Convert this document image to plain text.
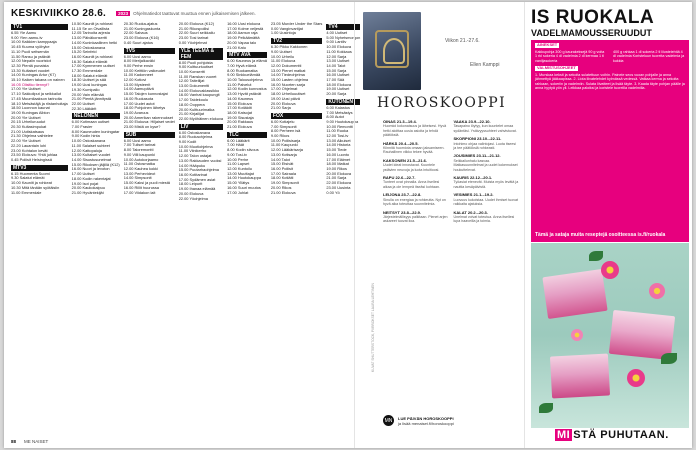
KESKIVIIKKO 28.6.	2023	Ohjelmatiedot taattuvat muuttua ennen julkaisemisen jälkeen.
TV1
6.55 Yle Aamu
9.00 Ylen aamu-tv
10.00 Kaikkien kamppaaja
10.45 Kuuma vyöhyke
11.10 Puoli seitsemän
11.50 Ransu ja ystävät
12.00 Nepalin vuoristot
12.30 Pientä punaista
13.30 Kultaiset vuodet
14.00 Kuningas Artur (K7)
15.10 Kaiken takana on nainen
16.05 Olisitko tiennyt?
17.00 Yle Uutiset
17.10 Sakkoliput ja seikkailut
17.45 Muumilaakson tarinoita
18.10 Metsästäjä ja riistanhoitaja
18.50 Luonnon kaunat
19.00 Kuningas Albion
20.00 Yle Uutiset
20.15 Urheiluruudut
20.30 Kultasimpukat
21.00 Uutiskatsaus
21.30 Ohjelma vaihtelee
22.00 Yle Uutiset
22.20 Lauantain lohi
23.00 Kohtalon kevät
23.50 Elokuva: Yhtä juhlaa
0.45 Poliisit Helsingissä
MTV3
6.15 Huomenta Suomi
9.30 Salatut elämät
10.00 Kauniit ja rohkeat
10.30 Mitä tänään syötäisiin
11.00 Emmerdale
10.50 Kauniit ja rohkeat
11.15 Se on Oivallista
12.05 Tarinoita arjesta
13.00 Päiväkonsertti
14.00 Kuninkaallinen hetki
15.00 Ostoskanava
15.20 Seinfeld
16.00 Kauniit ja rohkeat
16.30 Salatut elämät
17.00 Kymmenen uutiset
17.30 Emmerdale
18.00 Salatut elämät
18.30 Uutiset ja sää
19.00 Uusi kuningas
19.30 Kumipallo
20.00 Vain elämää
21.00 Pientä jännitystä
22.00 Uutiset
22.30 Lääkärit
NELONEN
6.00 Kotimaan uutiset
7.00 Frasier
8.00 Kauneuden kuningatar
9.00 Kodin hinta
10.00 Ostoskanava
11.00 Salaiset suhteet
12.00 Kattopaloja
13.00 Kultaiset vuodet
14.00 Sisustusunelmat
15.00 Rikoksen jäljillä (K12)
16.00 Nuori ja levoton
17.00 Uutiset
18.00 Kodin rakentajat
19.00 Isot pojat
20.00 Kaukokaipuu
21.00 Hyväntekijät
20.30 Ruoka-ajatus
21.00 Kuningaskunta
22.00 Sahaus
23.00 Elokuva (K16)
0.40 Suuri ajatus
TV5
6.00 Uusi aamu
8.00 Merijalkaväki
9.00 Perhe ensin
10.00 Keittiön vaikeudet
11.00 Kadonneet
12.00 Kotiovi
13.00 Mysteerit
14.00 Aamupäivä
15.00 Talojen kunnostajat
16.00 Ruokasota
17.00 Uudet autot
18.00 Pohjoinen lähetys
19.00 Avaruus
20.00 Amerikan rakennukset
21.00 Elokuva: Hiljaiset vedet
23.00 Mistä on kyse?
SUB
6.00 Uusi aamu
7.00 Tuliset tarinat
8.00 Taloremontti
9.00 Villi kaupunki
10.00 Autokorjaamo
11.00 Ostosmatka
12.00 Kauhea kokki
13.00 Perhevideot
14.00 Simpsonit
15.00 Kaksi ja puoli miestä
16.00 Rillit huurussa
17.00 Viidakon lait
20.00 Elokuva (K12)
21.00 Rikospoliisi
22.00 Suuri seikkailu
23.00 Tosi tarinat
0.00 Yöohjelmat
YLE TEEMA & FEM
8.00 Puoli pohjoista
9.00 Kulttuuriuutiset
10.00 Konsertti
11.00 Ranskan vuoret
12.00 Taiteilijat
13.00 Dokumentti
14.00 Elokuvaklassikko
16.00 Vanhat kaupungit
17.00 Taidekoulu
18.00 Ooppera
20.00 Kulttuurimatka
21.00 Kirjailijat
22.00 Myöhäinen elokuva
LIV
6.00 Ostoskanava
8.00 Ruokaohjelma
9.00 Kodit
10.00 Muotiohjelma
11.00 Viinikerho
12.00 Talon ostajat
13.00 Rakkauden vuoksi
14.00 Hääpuku
15.00 Puutarhaohjelma
16.00 Kotitarinat
17.00 Sydämen asiat
18.00 Leipurit
19.00 Ihanaa elämää
20.00 Elokuva
22.00 Yöohjelma
16.00 Uusi elokuva
17.00 Kolme veljestä
18.00 Aamun raja
19.00 Pelkäämättä
20.00 Vapaa talo
21.00 Katu
MTV AVA
6.00 Kauneus ja elämä
7.00 Hyvä elämä
8.00 Ruokamatka
9.00 Sinkkuelämää
10.00 Talousohjelma
11.00 Palvelut
12.00 Kodin kunnostus
13.00 Hyvät ystävät
14.00 Kauneus
15.00 Elokuva
17.00 Kotiäidit
18.00 Katsojat
19.00 Sisustaja
20.00 Rakkaus
21.00 Elokuva
TLC
6.00 Lääkärit
7.00 Häät
8.00 Kodin siivous
9.00 Tosi-tv
10.00 Perhe
11.00 Lapset
12.00 Kuntoilu
13.00 Muuttajat
14.00 Huutokauppa
15.00 Yllätys
16.00 Suuri muutos
17.00 Juhlat
23.05 Murder Under the Stars
0.00 Vanginvartijat
1.00 Uusintoja
TV2
6.30 Pikku Kakkonen
9.00 Uutiset
10.00 Urheilu
11.00 Elokuva
12.00 Dokumentti
13.00 Pienet matkat
14.00 Tiedeohjelma
15.00 Lasten ohjelma
16.00 Nuorten sarja
17.00 Ohjelmat
18.00 Urheiluuutiset
19.00 Uusi päivä
20.00 Elokuva
21.00 Sarja
FOX
6.00 Kotiajelu
7.00 Simpsonit
8.00 Perheen isä
9.00 Rikos
10.00 Poliisisarja
11.00 Kaupunki
12.00 Lääkärisarja
13.00 Kotisarja
14.00 Talot
15.00 Etsivät
16.00 Poliisit
17.00 Sairaala
18.00 Kotiäiti
19.00 Simpsonit
20.00 Rikos
21.00 Elokuva
TV4
4.00 Uutiset
5.00 Nyhetsmorgon
9.00 Lantliv
10.00 Elokuva
11.00 Kokkaus
12.00 Sarja
13.00 Uutiset
14.00 Talot
15.00 Sarja
16.00 Uutiset
17.00 Sää
18.00 Elokuva
19.00 Uutiset
20.00 Sarja
KUTONEN
6.00 Kalastus
7.00 Metsästys
8.00 Autot
9.00 Huutokauppa
10.00 Remontti
11.00 Ruoka
12.00 Tosi-tv
13.00 Aikuiset
14.00 Historia
15.00 Tiede
16.00 Luonto
17.00 Eläimet
18.00 Matkat
19.00 Rikos
20.00 Elokuva
21.00 Sarja
22.00 Elokuva
23.00 Uusinta
0.00 Yö
88 ME NAISET
Viikon 21.-27.6.
Ellen Kamppi
HOROSKOOPPI
KUVAT SHUTTERSTOCK, PIIRROKSET LAURA LEHTINEN
OINAS 21.3.–19.4.
Huomioi kokonaisuus ja läheisesi. Hyvä hetki aloittaa uusia asioita ja tehdä päätöksiä.
HÄRKÄ 20.4.–20.5.
Kiinnitä huomiota omaan jaksamiseen. Rauhallinen viikko tekee hyvää.
KAKSONEN 21.5.–21.6.
Uudet ideat innostavat. Kuuntele ystävien neuvoja ja luota intuitioosi.
RAPU 22.6.–22.7.
Tunteet ovat pinnalla. Anna itsellesi aikaa ja ole lempeä itseäsi kohtaan.
LEIJONA 23.7.–22.8.
Sinulla on energiaa ja rohkeutta. Nyt on hyvä aika toteuttaa suunnitelmia.
NEITSYT 23.8.–22.9.
Järjestelmällisyys palkitaan. Pienet arjen askareet tuovat iloa.
VAAKA 23.9.–22.10.
Tasapaino löytyy, kun kuuntelet omaa sydäntäsi. Ystävyyssuhteet vahvistuvat.
SKORPIONI 23.10.–22.11.
Intohimo ohjaa valintojasi. Luota itseesi ja tee päätöksiä rohkeasti.
JOUSIMIES 23.11.–21.12.
Seikkailunhalu kasvaa. Matkasuunnitelmat ja uudet kokemukset houkuttelevat.
KAURIS 22.12.–20.1.
Työasiat etenevät. Muista myös levätä ja nauttia kesäpäivistä.
VESIMIES 21.1.–19.2.
Luovuus kukoistaa. Uudet ihmiset tuovat raikkaita ajatuksia.
KALAT 20.2.–20.3.
Unelmat voivat toteutua. Anna itsellesi lupa haaveilla ja toimia.
MN	LUE PÄIVÄN HOROSKOOPPI
ja lisää menaiset.fi/horoskooppi
IS RUOKALA
VADELMAMOUSSERUUDUT
AINEKSET
Kakkupohja 300 g kaurakeksejä 90 g voita 1 rkl sokeria 4 dl vadelmia 2 dl kermaa 1 tl vaniljasokeria
400 g rahkaa 1 dl sokeria 2 tl liivatelehtiä 4 dl vadelmia Koristeluun tuoreita vadelmia ja kukkia
VALMISTUSOHJEET
1. Murskaa keksit ja sekoita sulatettuun voihin. Painele seos vuoan pohjalle ja anna jähmettyä jääkaapissa. 2. Liota liivatelehdet kylmässä vedessä. Vatkaa kerma ja sekoita rahkaan, sokeriin ja vadelmiin. Sulata liivatteet ja lisää täyte. 3. Kaada täyte pohjan päälle ja anna hyytyä yön yli. Leikkaa paloiksi ja koristele tuoreilla vadelmilla.
Tämä ja sataja muita reseptejä osoitteessa is.fi/ruokala
MI STÄ PUHUTAAN.
